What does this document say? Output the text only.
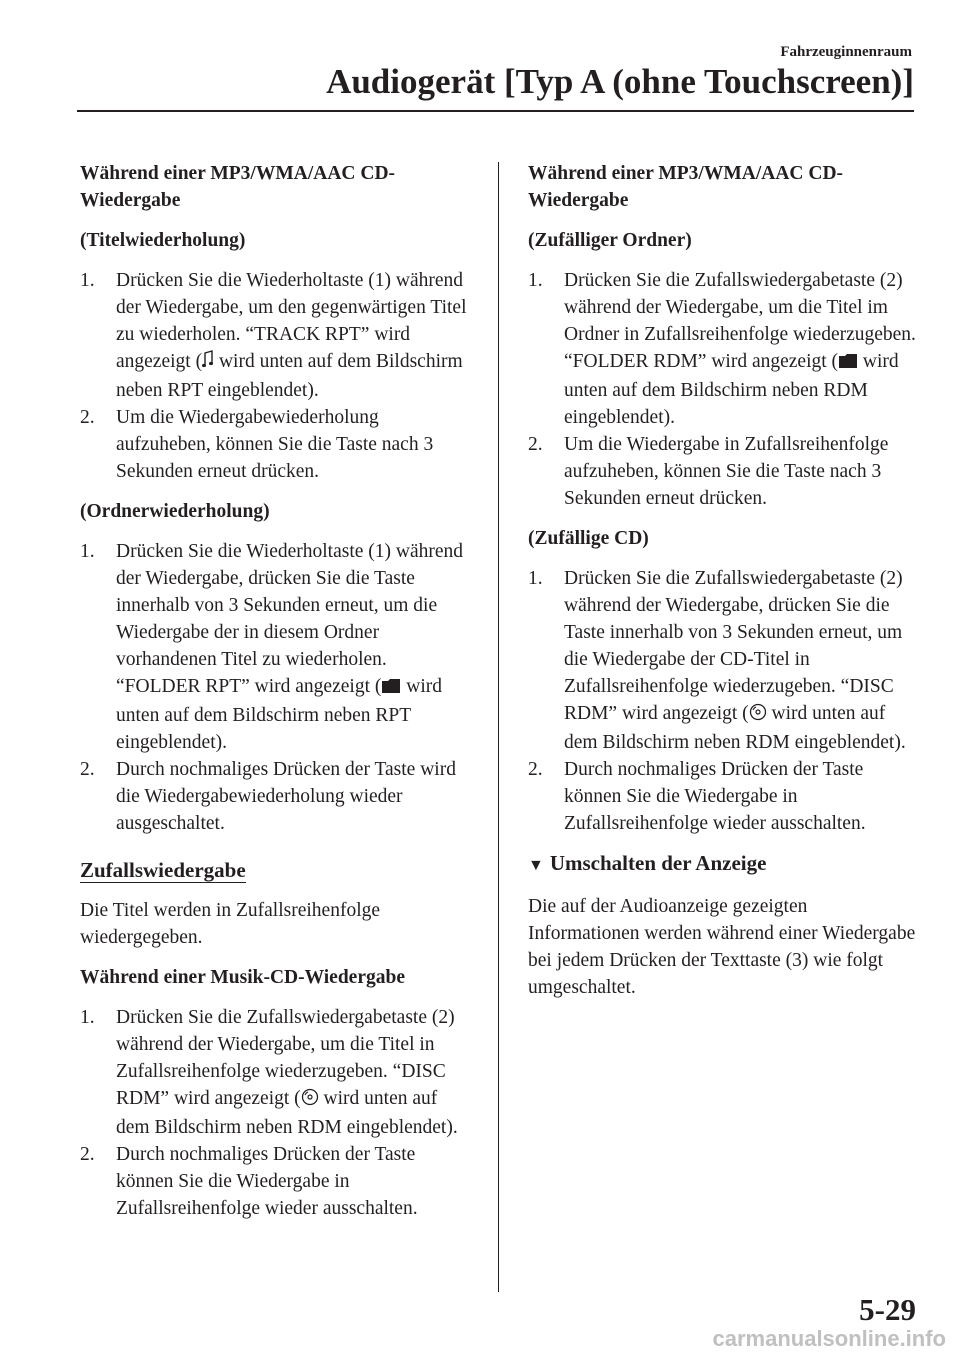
Fahrzeuginnenraum
Audiogerät [Typ A (ohne Touchscreen)]
Während einer MP3/WMA/AAC CD-Wiedergabe
(Titelwiederholung)
1. Drücken Sie die Wiederholtaste (1) während der Wiedergabe, um den gegenwärtigen Titel zu wiederholen. “TRACK RPT” wird angezeigt ( wird unten auf dem Bildschirm neben RPT eingeblendet).
2. Um die Wiedergabewiederholung aufzuheben, können Sie die Taste nach 3 Sekunden erneut drücken.
(Ordnerwiederholung)
1. Drücken Sie die Wiederholtaste (1) während der Wiedergabe, drücken Sie die Taste innerhalb von 3 Sekunden erneut, um die Wiedergabe der in diesem Ordner vorhandenen Titel zu wiederholen. “FOLDER RPT” wird angezeigt ( wird unten auf dem Bildschirm neben RPT eingeblendet).
2. Durch nochmaliges Drücken der Taste wird die Wiedergabewiederholung wieder ausgeschaltet.
Zufallswiedergabe

Die Titel werden in Zufallsreihenfolge wiedergegeben.

Während einer Musik-CD-Wiedergabe
1. Drücken Sie die Zufallswiedergabetaste (2) während der Wiedergabe, um die Titel in Zufallsreihenfolge wiederzugeben. “DISC RDM” wird angezeigt ( wird unten auf dem Bildschirm neben RDM eingeblendet).
2. Durch nochmaliges Drücken der Taste können Sie die Wiedergabe in Zufallsreihenfolge wieder ausschalten.
Während einer MP3/WMA/AAC CD-Wiedergabe
(Zufälliger Ordner)
1. Drücken Sie die Zufallswiedergabetaste (2) während der Wiedergabe, um die Titel im Ordner in Zufallsreihenfolge wiederzugeben. “FOLDER RDM” wird angezeigt ( wird unten auf dem Bildschirm neben RDM eingeblendet).
2. Um die Wiedergabe in Zufallsreihenfolge aufzuheben, können Sie die Taste nach 3 Sekunden erneut drücken.
(Zufällige CD)
1. Drücken Sie die Zufallswiedergabetaste (2) während der Wiedergabe, drücken Sie die Taste innerhalb von 3 Sekunden erneut, um die Wiedergabe der CD-Titel in Zufallsreihenfolge wiederzugeben. “DISC RDM” wird angezeigt ( wird unten auf dem Bildschirm neben RDM eingeblendet).
2. Durch nochmaliges Drücken der Taste können Sie die Wiedergabe in Zufallsreihenfolge wieder ausschalten.
▼ Umschalten der Anzeige

Die auf der Audioanzeige gezeigten Informationen werden während einer Wiedergabe bei jedem Drücken der Texttaste (3) wie folgt umgeschaltet.

5-29
carmanualsonline.info
